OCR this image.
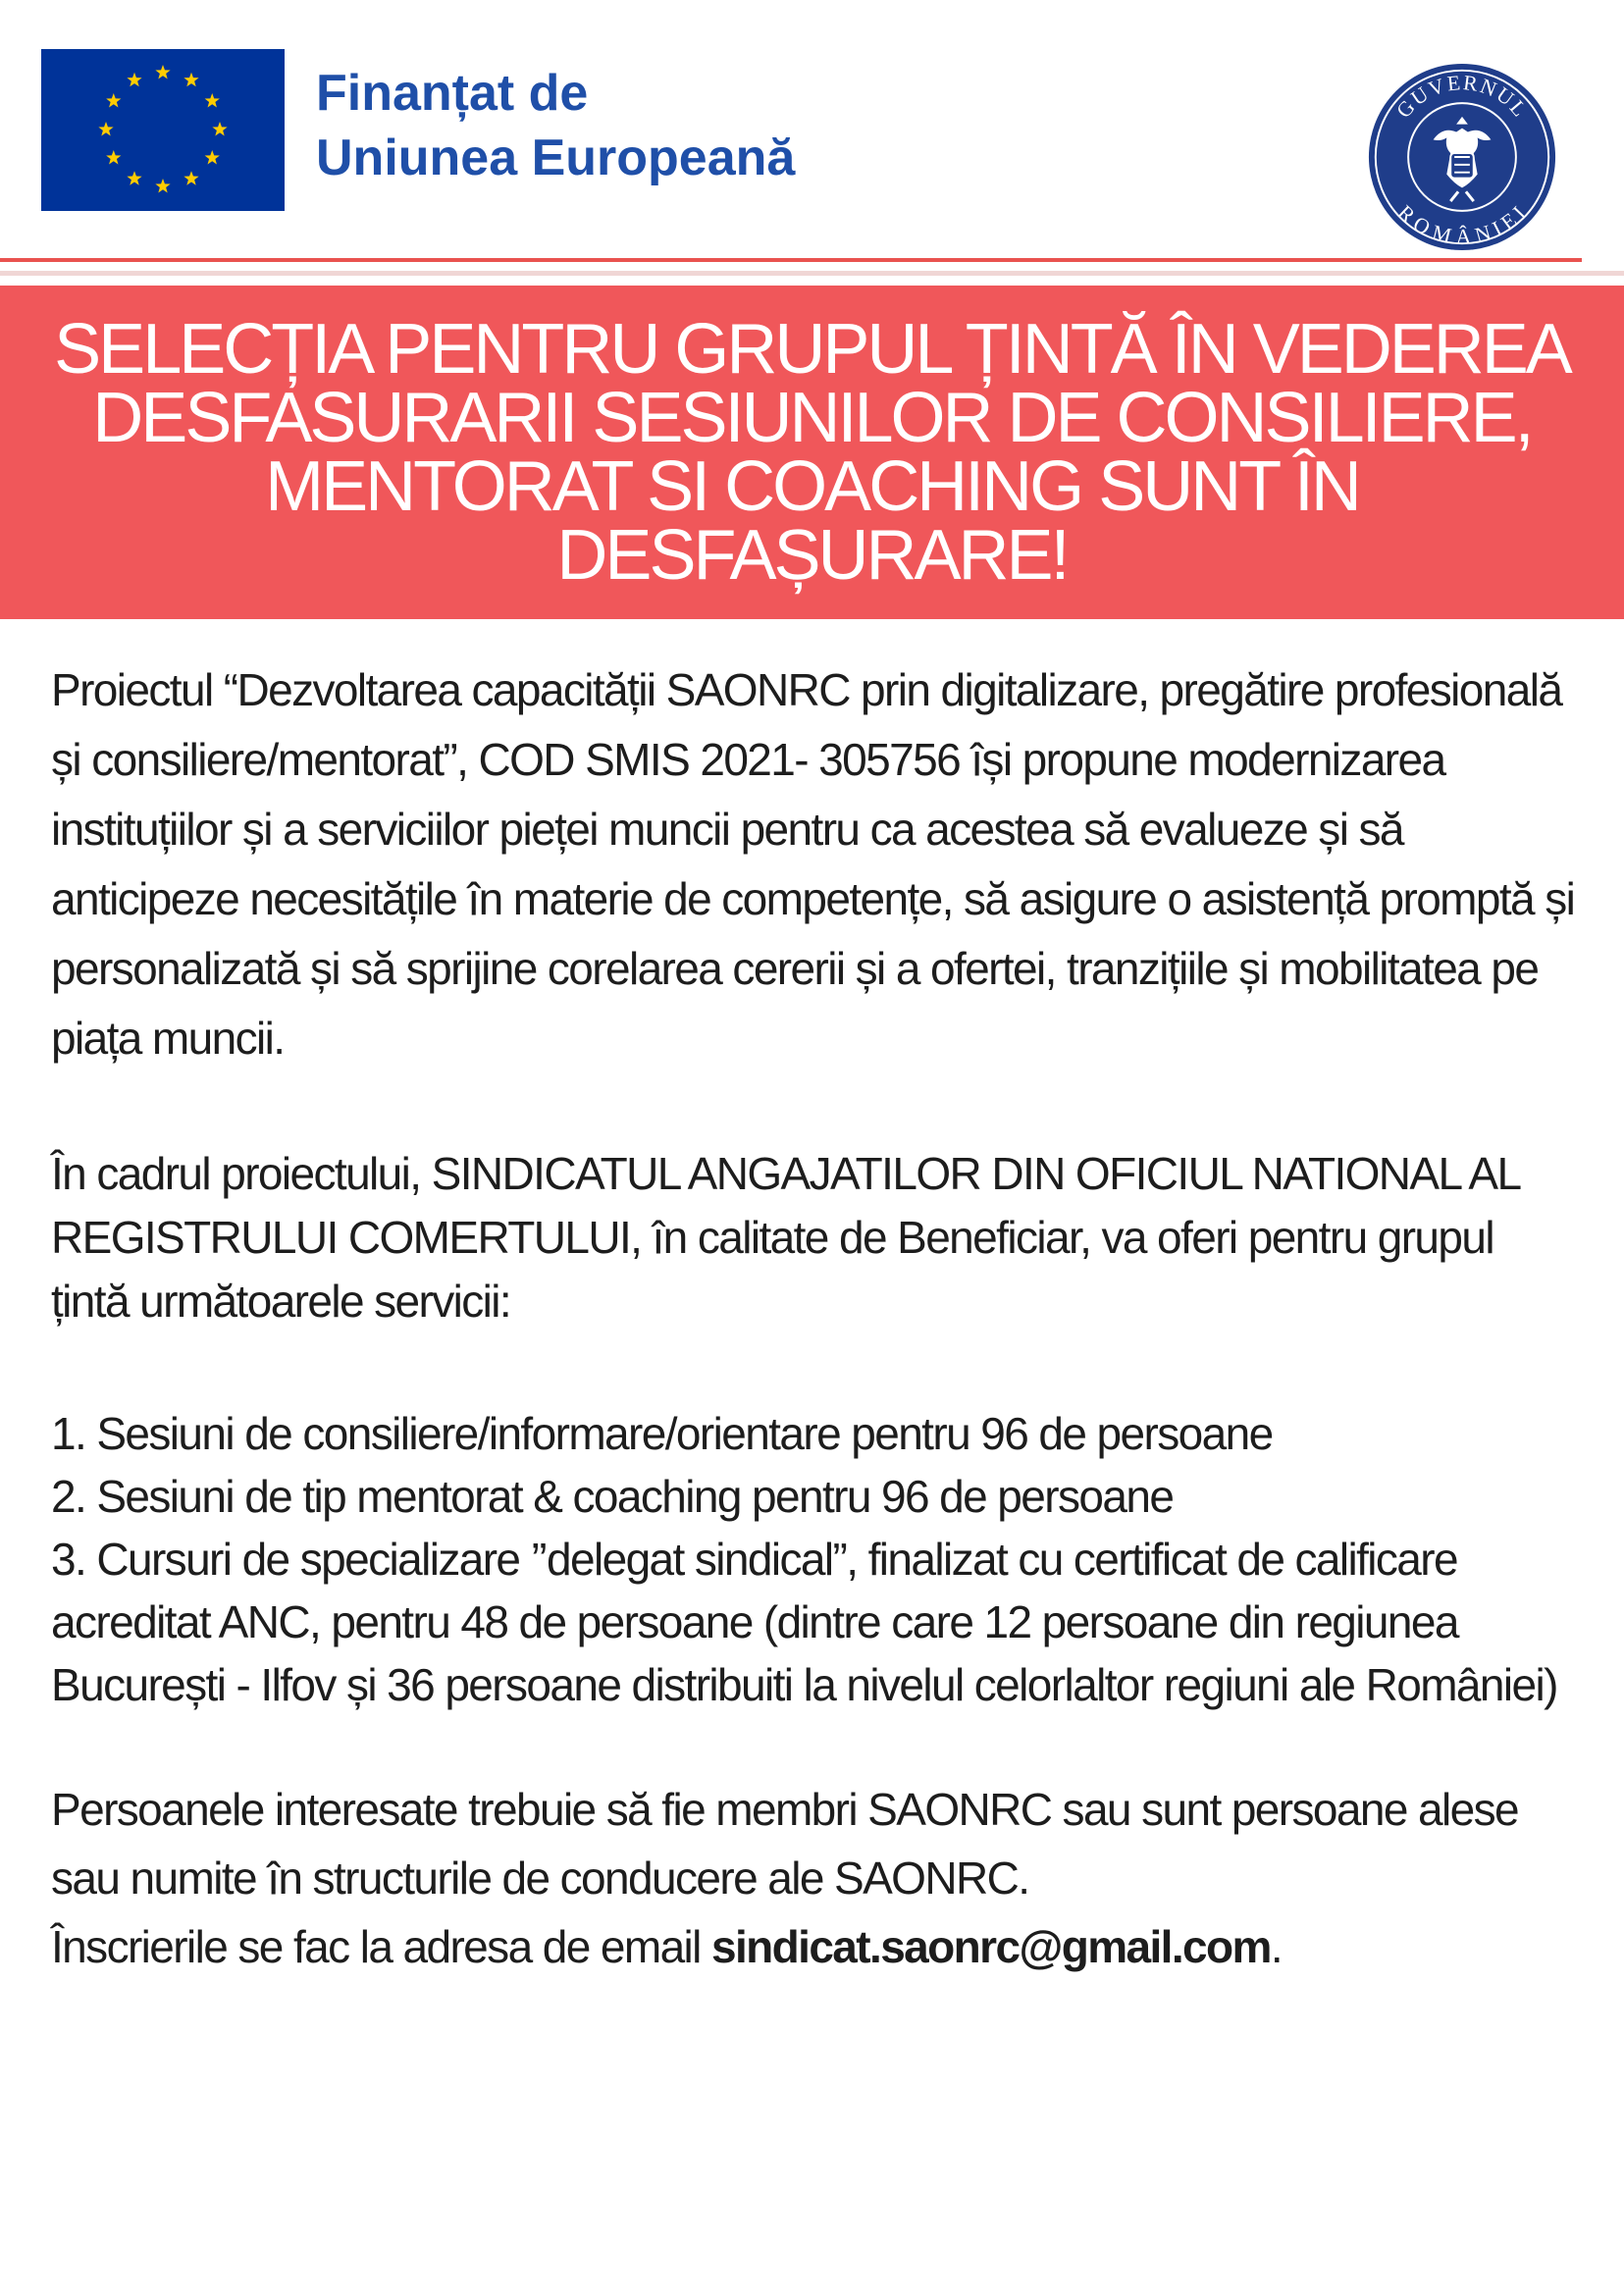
Finanțat de
Uniunea Europeană
GUVERNUL
ROMÂNIEI
SELECȚIA PENTRU GRUPUL ȚINTĂ ÎN VEDEREA DESFASURARII SESIUNILOR DE CONSILIERE, MENTORAT SI COACHING SUNT ÎN DESFAȘURARE!

Proiectul “Dezvoltarea capacității SAONRC prin digitalizare, pregătire profesională și consiliere/mentorat”, COD SMIS 2021- 305756 își propune modernizarea instituțiilor și a serviciilor pieței muncii pentru ca acestea să evalueze și să anticipeze necesitățile în materie de competențe, să asigure o asistență promptă și personalizată și să sprijine corelarea cererii și a ofertei, tranzițiile și mobilitatea pe piața muncii.

În cadrul proiectului, SINDICATUL ANGAJATILOR DIN OFICIUL NATIONAL AL REGISTRULUI COMERTULUI, în calitate de Beneficiar, va oferi pentru grupul țintă următoarele servicii:

1. Sesiuni de consiliere/informare/orientare pentru 96 de persoane
2. Sesiuni de tip mentorat & coaching pentru 96 de persoane
3. Cursuri de specializare ’’delegat sindical”, finalizat cu certificat de calificare acreditat ANC, pentru 48 de persoane (dintre care 12 persoane din regiunea București - Ilfov și 36 persoane distribuiti la nivelul celorlaltor regiuni ale României)

Persoanele interesate trebuie să fie membri SAONRC sau sunt persoane alese sau numite în structurile de conducere ale SAONRC.
Înscrierile se fac la adresa de email sindicat.saonrc@gmail.com.
